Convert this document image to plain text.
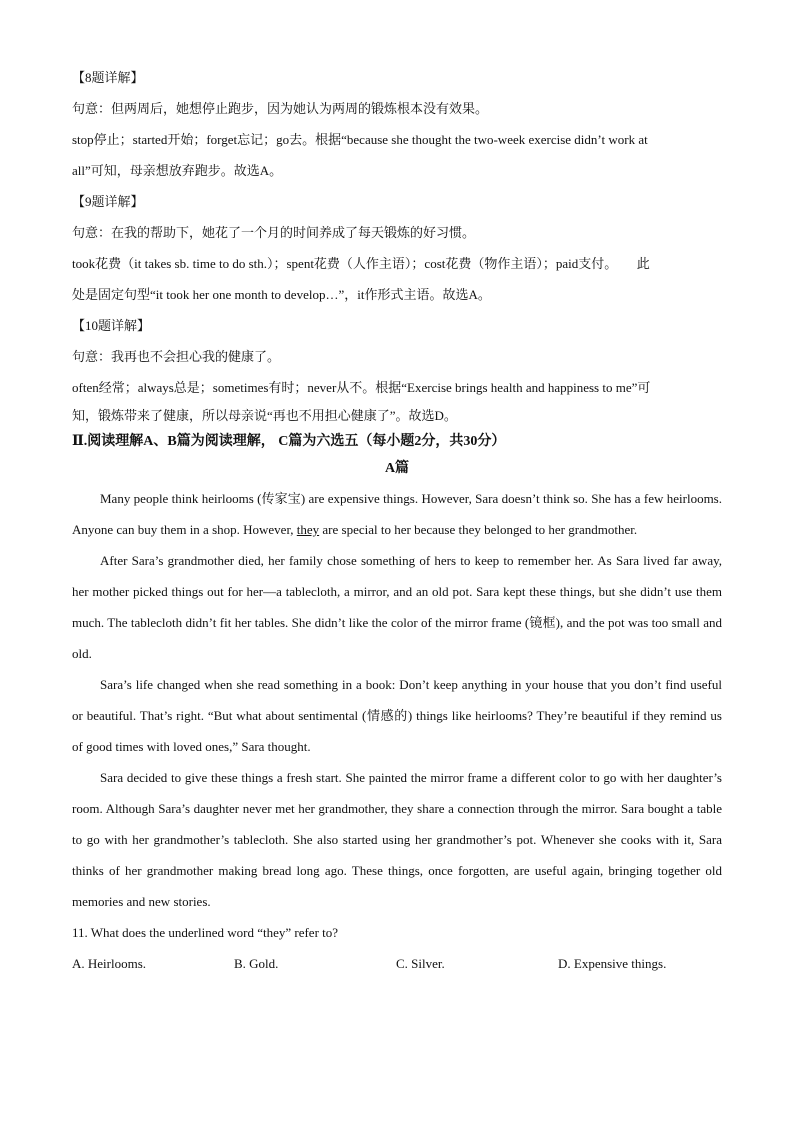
【8题详解】
句意：但两周后，她想停止跑步，因为她认为两周的锻炼根本没有效果。
stop停止；started开始；forget忘记；go去。根据“because she thought the two-week exercise didn’t work at
all”可知，母亲想放弃跑步。故选A。
【9题详解】
句意：在我的帮助下，她花了一个月的时间养成了每天锻炼的好习惯。
took花费（it takes sb. time to do sth.）；spent花费（人作主语）；cost花费（物作主语）；paid支付。　　此
处是固定句型“it took her one month to develop…”，it作形式主语。故选A。
【10题详解】
句意：我再也不会担心我的健康了。
often经常；always总是；sometimes有时；never从不。根据“Exercise brings health and happiness to me”可
知，锻炼带来了健康，所以母亲说“再也不用担心健康了”。故选D。
Ⅱ.阅读理解A、B篇为阅读理解， C篇为六选五（每小题2分，共30分）
A篇
Many people think heirlooms (传家宝) are expensive things. However, Sara doesn’t think so. She has a few heirlooms. Anyone can buy them in a shop. However, they are special to her because they belonged to her grandmother.
After Sara’s grandmother died, her family chose something of hers to keep to remember her. As Sara lived far away, her mother picked things out for her—a tablecloth, a mirror, and an old pot. Sara kept these things, but she didn’t use them much. The tablecloth didn’t fit her tables. She didn’t like the color of the mirror frame (镜框), and the pot was too small and old.
Sara’s life changed when she read something in a book: Don’t keep anything in your house that you don’t find useful or beautiful. That’s right. “But what about sentimental (情感的) things like heirlooms? They’re beautiful if they remind us of good times with loved ones,” Sara thought.
Sara decided to give these things a fresh start. She painted the mirror frame a different color to go with her daughter’s room. Although Sara’s daughter never met her grandmother, they share a connection through the mirror. Sara bought a table to go with her grandmother’s tablecloth. She also started using her grandmother’s pot. Whenever she cooks with it, Sara thinks of her grandmother making bread long ago. These things, once forgotten, are useful again, bringing together old memories and new stories.
11. What does the underlined word “they” refer to?
A. Heirlooms.	B. Gold.	C. Silver.	D. Expensive things.
